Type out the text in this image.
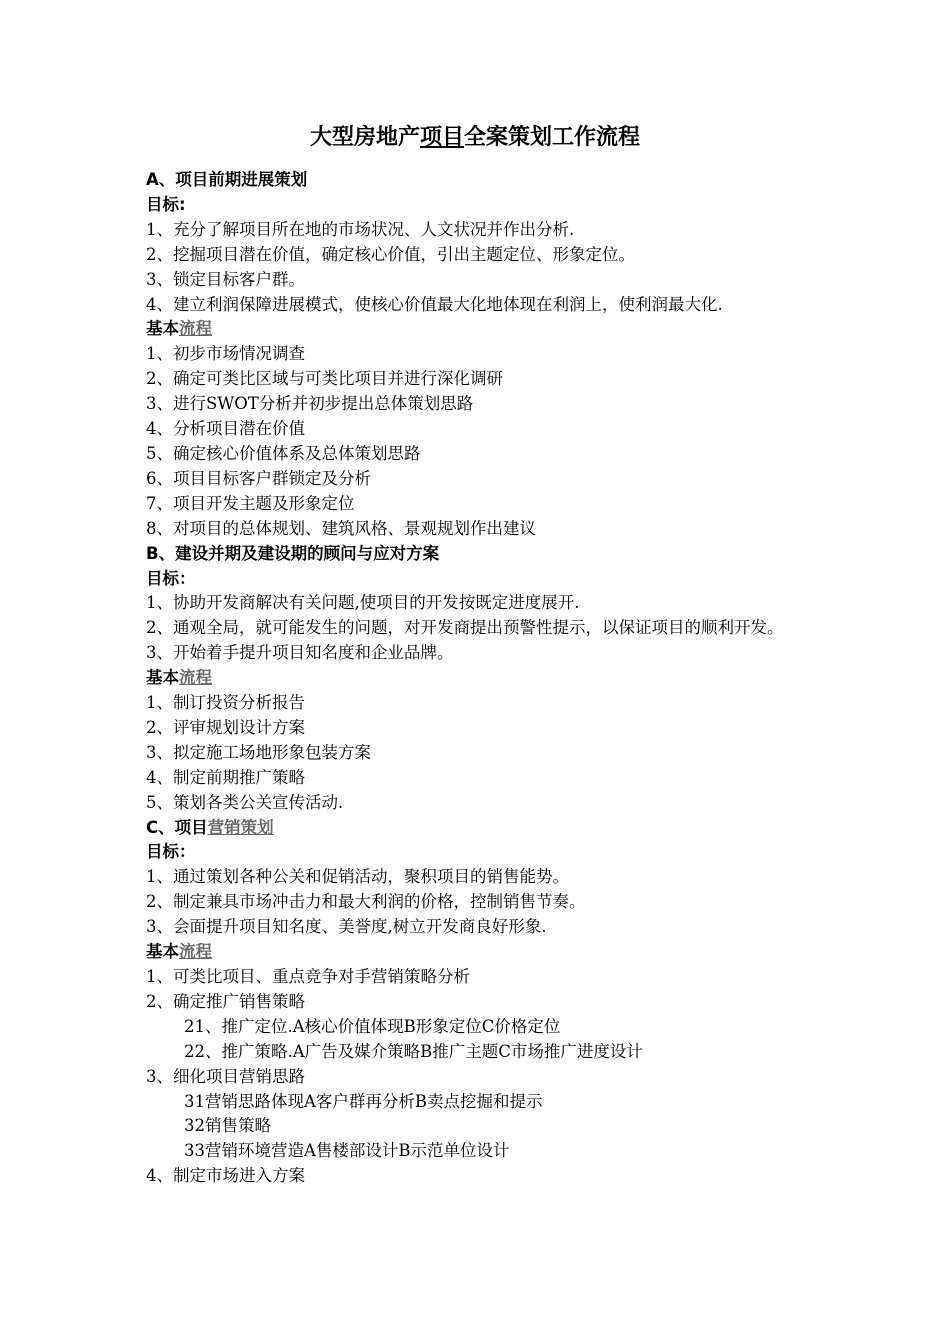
大型房地产项目全案策划工作流程
A、项目前期进展策划
目标:
1、充分了解项目所在地的市场状况、人文状况并作出分析.
2、挖掘项目潜在价值，确定核心价值，引出主题定位、形象定位。
3、锁定目标客户群。
4、建立利润保障进展模式，使核心价值最大化地体现在利润上，使利润最大化.
基本流程
1、初步市场情况调查
2、确定可类比区域与可类比项目并进行深化调研
3、进行SWOT分析并初步提出总体策划思路
4、分析项目潜在价值
5、确定核心价值体系及总体策划思路
6、项目目标客户群锁定及分析
7、项目开发主题及形象定位
8、对项目的总体规划、建筑风格、景观规划作出建议
B、建设并期及建设期的顾问与应对方案
目标：
1、协助开发商解决有关问题,使项目的开发按既定进度展开.
2、通观全局，就可能发生的问题，对开发商提出预警性提示，以保证项目的顺利开发。
3、开始着手提升项目知名度和企业品牌。
基本流程
1、制订投资分析报告
2、评审规划设计方案
3、拟定施工场地形象包装方案
4、制定前期推广策略
5、策划各类公关宣传活动.
C、项目营销策划
目标：
1、通过策划各种公关和促销活动，聚积项目的销售能势。
2、制定兼具市场冲击力和最大利润的价格，控制销售节奏。
3、会面提升项目知名度、美誉度,树立开发商良好形象.
基本流程
1、可类比项目、重点竞争对手营销策略分析
2、确定推广销售策略
21、推广定位.A核心价值体现B形象定位C价格定位
22、推广策略.A广告及媒介策略B推广主题C市场推广进度设计
3、细化项目营销思路
31营销思路体现A客户群再分析B卖点挖掘和提示
32销售策略
33营销环境营造A售楼部设计B示范单位设计
4、制定市场进入方案
